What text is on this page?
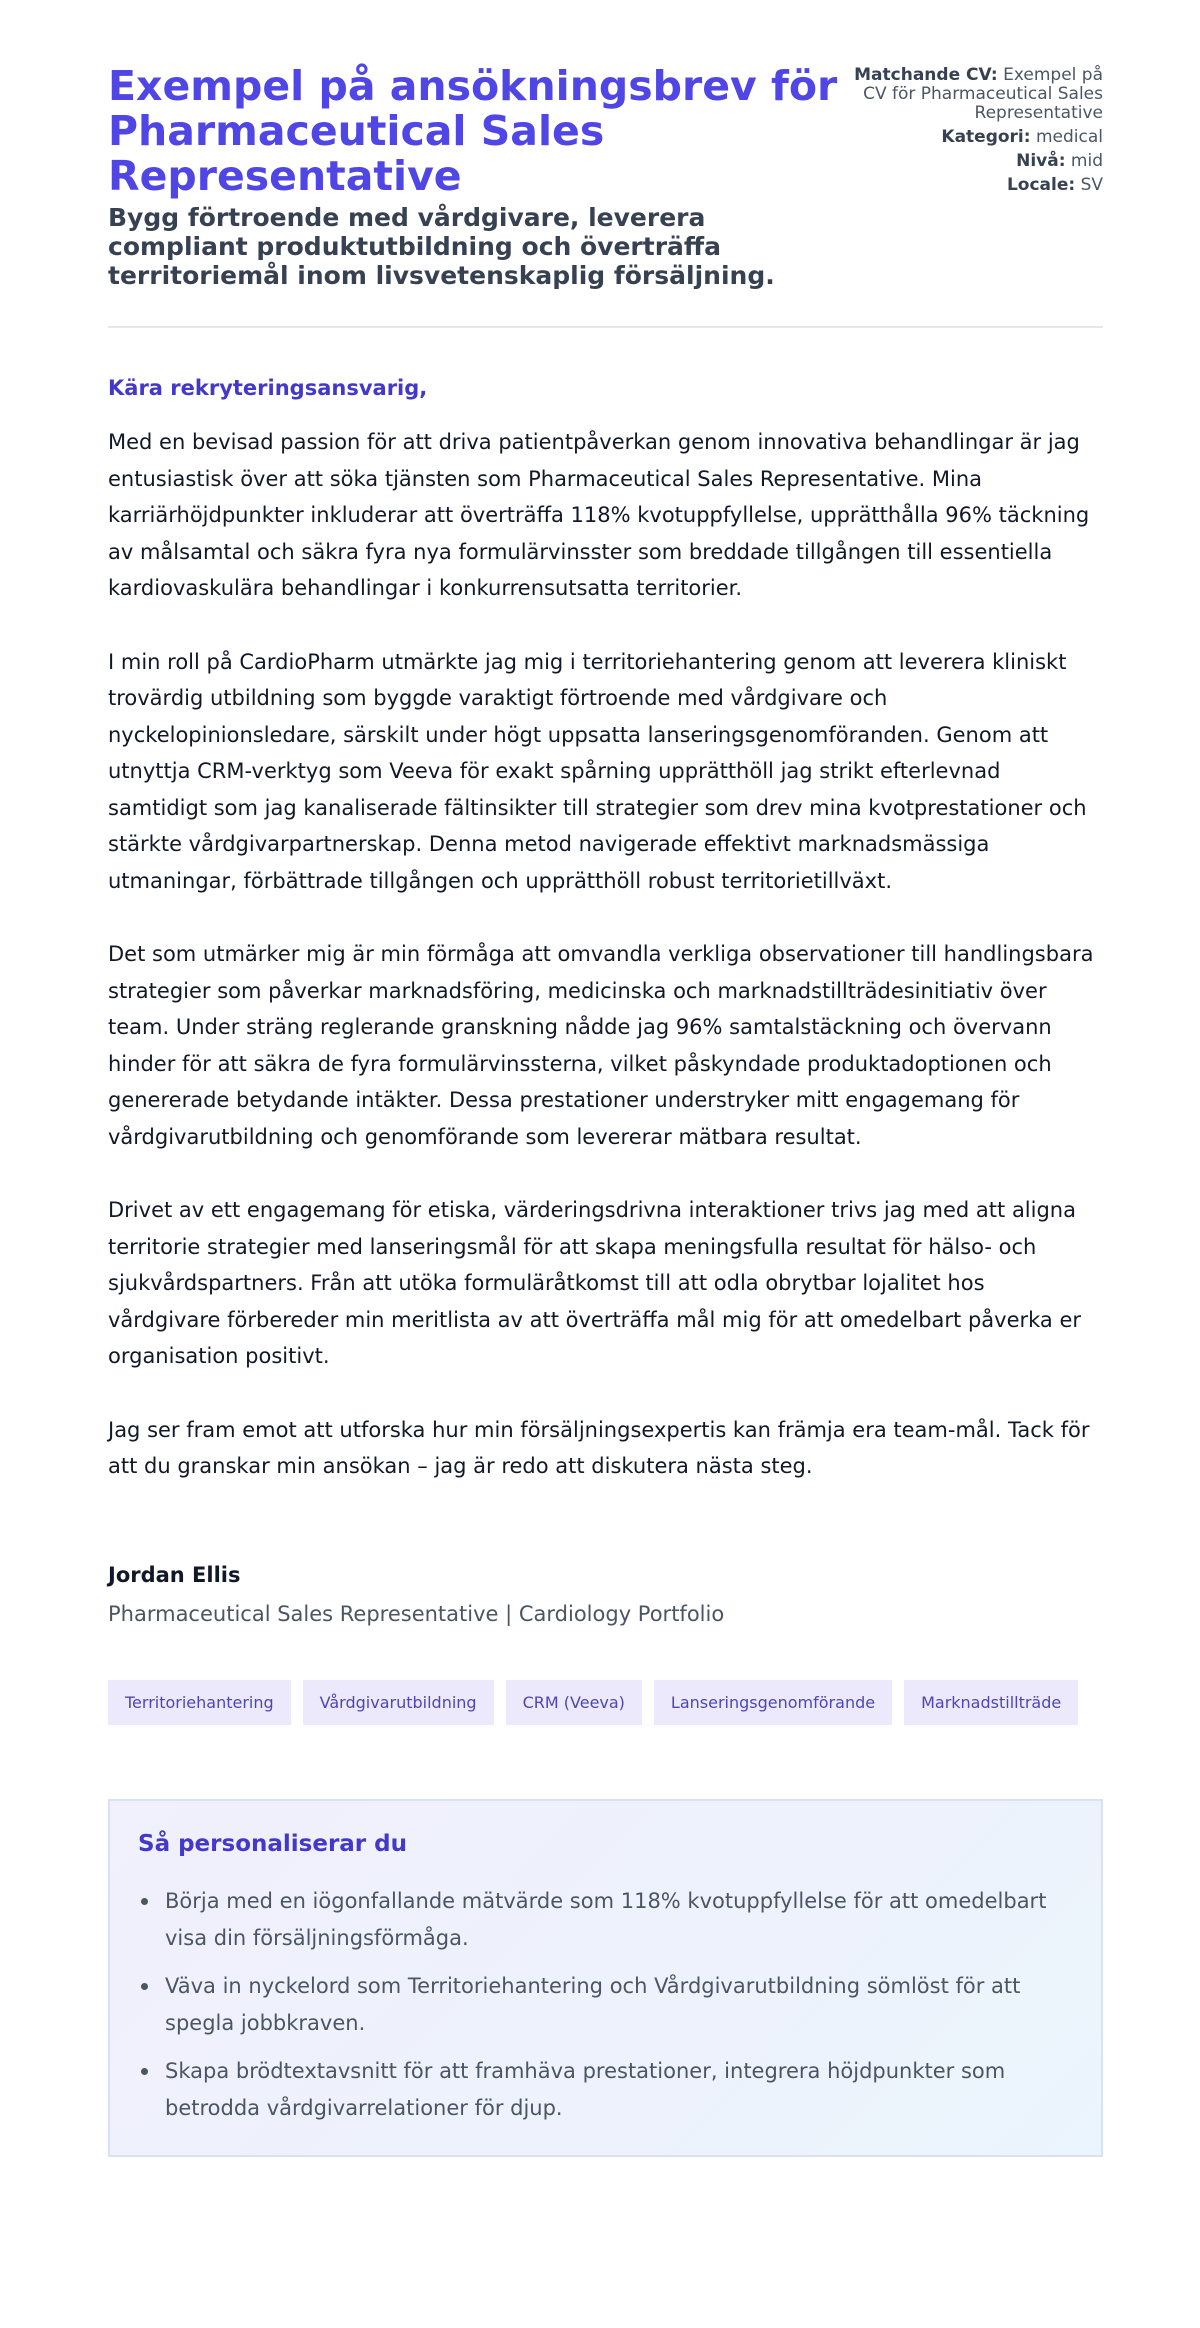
Exempel på ansökningsbrev för Pharmaceutical Sales Representative
Bygg förtroende med vårdgivare, leverera compliant produktutbildning och överträffa territoriemål inom livsvetenskaplig försäljning.
Matchande CV: Exempel på CV för Pharmaceutical Sales Representative
Kategori: medical
Nivå: mid
Locale: SV

Kära rekryteringsansvarig,

Med en bevisad passion för att driva patientpåverkan genom innovativa behandlingar är jag entusiastisk över att söka tjänsten som Pharmaceutical Sales Representative. Mina karriärhöjdpunkter inkluderar att överträffa 118% kvotuppfyllelse, upprätthålla 96% täckning av målsamtal och säkra fyra nya formulärvinsster som breddade tillgången till essentiella kardiovaskulära behandlingar i konkurrensutsatta territorier.

I min roll på CardioPharm utmärkte jag mig i territoriehantering genom att leverera kliniskt trovärdig utbildning som byggde varaktigt förtroende med vårdgivare och nyckelopinionsledare, särskilt under högt uppsatta lanseringsgenomföranden. Genom att utnyttja CRM-verktyg som Veeva för exakt spårning upprätthöll jag strikt efterlevnad samtidigt som jag kanaliserade fältinsikter till strategier som drev mina kvotprestationer och stärkte vårdgivarpartnerskap. Denna metod navigerade effektivt marknadsmässiga utmaningar, förbättrade tillgången och upprätthöll robust territorietillväxt.

Det som utmärker mig är min förmåga att omvandla verkliga observationer till handlingsbara strategier som påverkar marknadsföring, medicinska och marknadstillträdesinitiativ över team. Under sträng reglerande granskning nådde jag 96% samtalstäckning och övervann hinder för att säkra de fyra formulärvinssterna, vilket påskyndade produktadoptionen och genererade betydande intäkter. Dessa prestationer understryker mitt engagemang för vårdgivarutbildning och genomförande som levererar mätbara resultat.

Drivet av ett engagemang för etiska, värderingsdrivna interaktioner trivs jag med att aligna territorie strategier med lanseringsmål för att skapa meningsfulla resultat för hälso- och sjukvårdspartners. Från att utöka formuläråtkomst till att odla obrytbar lojalitet hos vårdgivare förbereder min meritlista av att överträffa mål mig för att omedelbart påverka er organisation positivt.

Jag ser fram emot att utforska hur min försäljningsexpertis kan främja era team-mål. Tack för att du granskar min ansökan – jag är redo att diskutera nästa steg.

Jordan Ellis
Pharmaceutical Sales Representative | Cardiology Portfolio
Territoriehantering	Vårdgivarutbildning	CRM (Veeva)	Lanseringsgenomförande	Marknadstillträde
Så personaliserar du
Börja med en iögonfallande mätvärde som 118% kvotuppfyllelse för att omedelbart visa din försäljningsförmåga.
Väva in nyckelord som Territoriehantering och Vårdgivarutbildning sömlöst för att spegla jobbkraven.
Skapa brödtextavsnitt för att framhäva prestationer, integrera höjdpunkter som betrodda vårdgivarrelationer för djup.
